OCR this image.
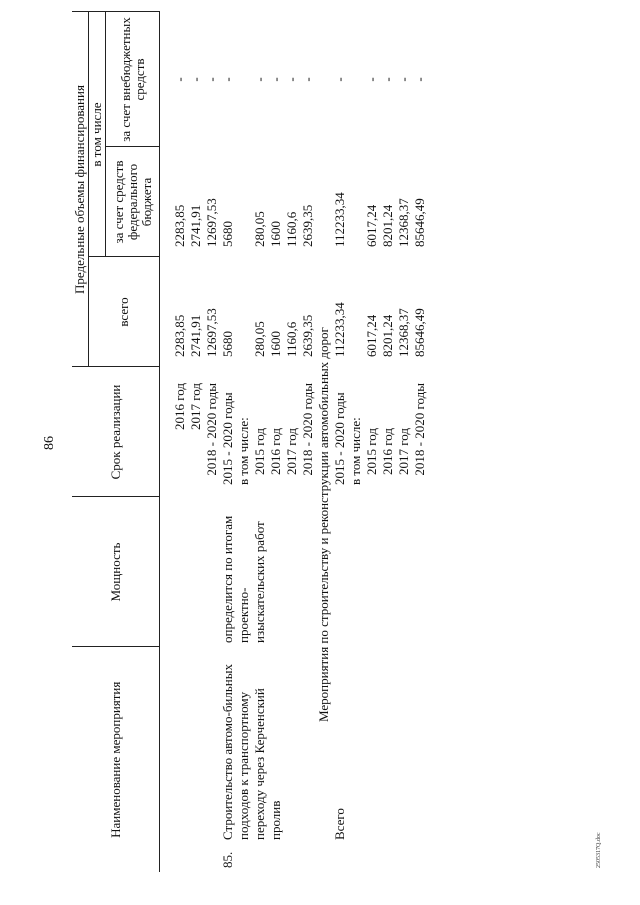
86
2505317Q.doc
Наименование мероприятия	Мощность	Срок реализации	Предельные объемы финансирования		
			всего	в том числе	
				за счет средств федерального бюджета	за счет внебюджетных средств

		2016 год	2283,85	2283,85	-
		2017 год	2741,91	2741,91	-
		2018 - 2020 годы	12697,53	12697,53	-

85.
Строительство автомо-бильных подходов к транспортному переходу через Керченский пролив	определится по итогам проектно-изыскательских работ	2015 - 2020 годы	5680	5680	-
		в том числе:			
		2015 год	280,05	280,05	-
		2016 год	1600	1600	-
		2017 год	1160,6	1160,6	-
		2018 - 2020 годы	2639,35	2639,35	-
Мероприятия по строительству и реконструкции автомобильных дорог					
Всего		2015 - 2020 годы	112233,34	112233,34	-
		в том числе:			
		2015 год	6017,24	6017,24	-
		2016 год	8201,24	8201,24	-
		2017 год	12368,37	12368,37	-
		2018 - 2020 годы	85646,49	85646,49	-
